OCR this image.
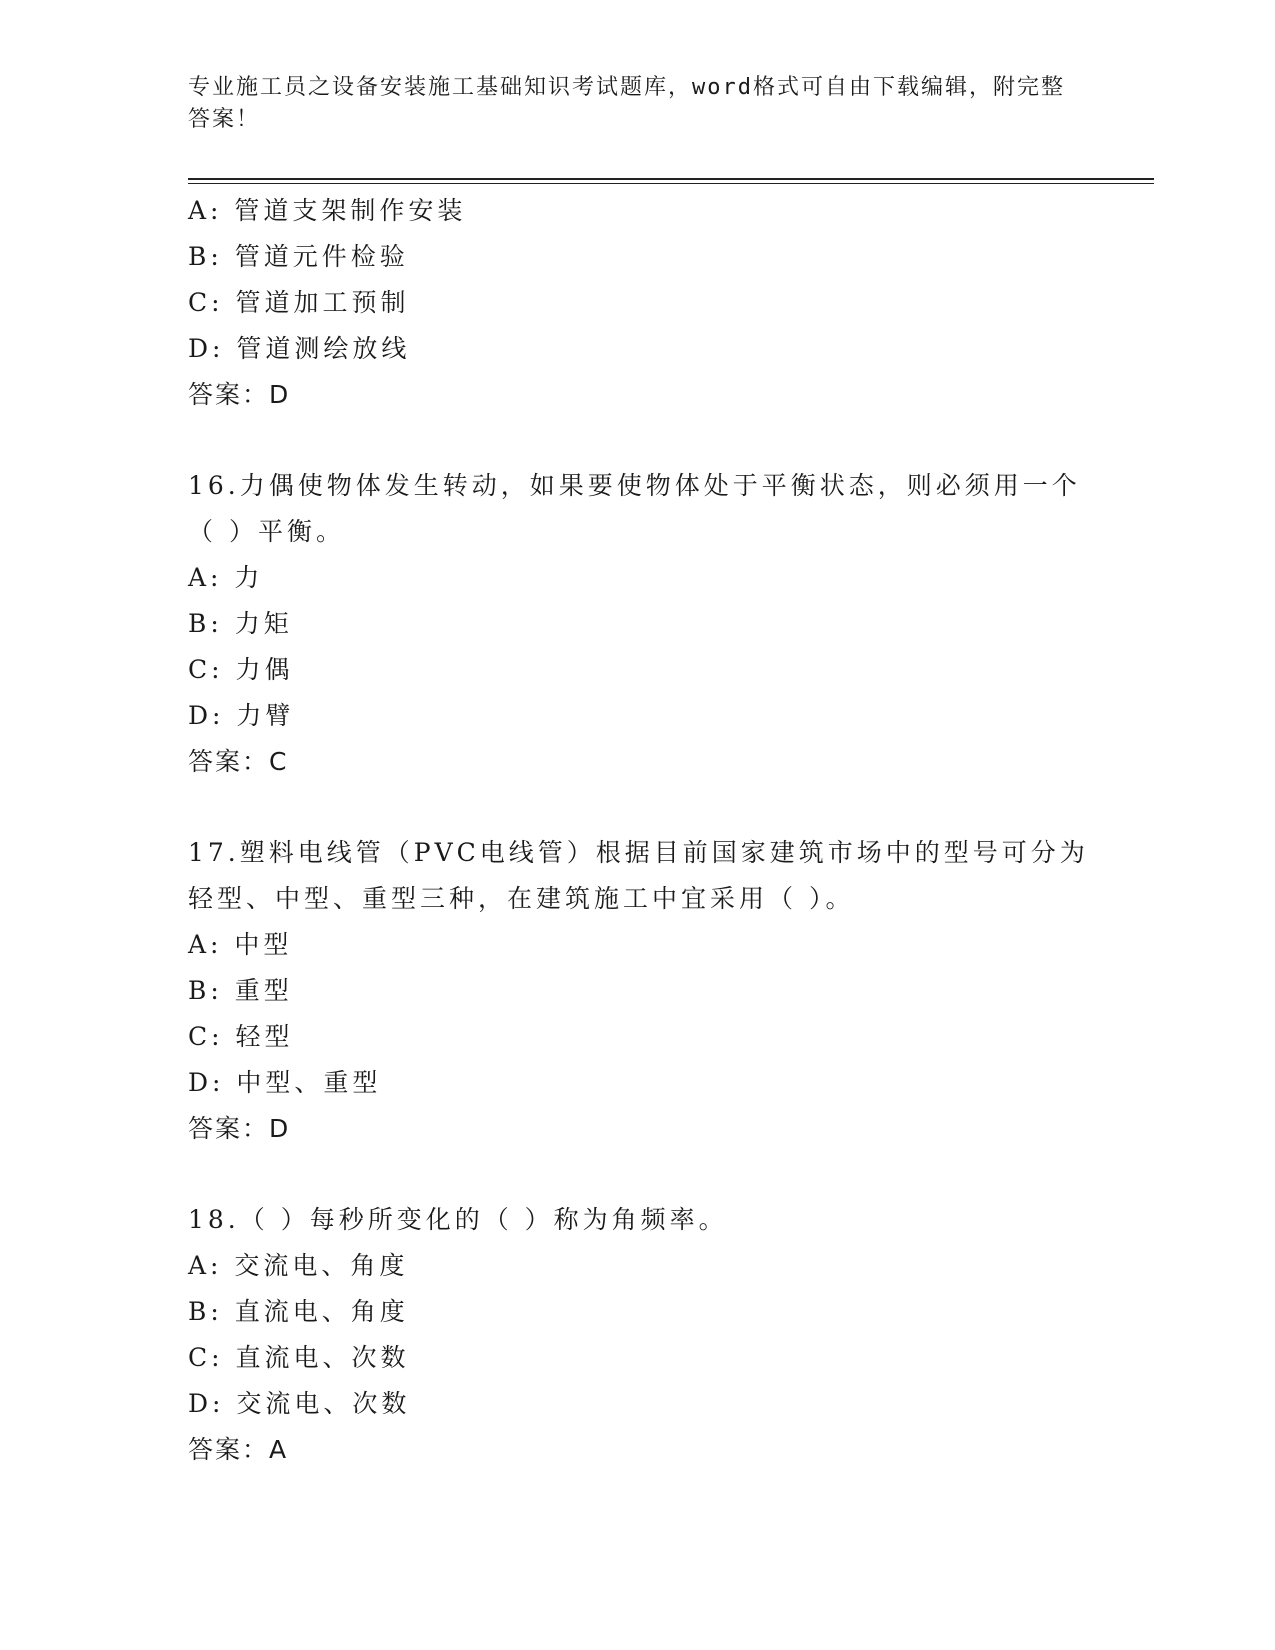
专业施工员之设备安装施工基础知识考试题库，word格式可自由下载编辑，附完整答案！
A: 管道支架制作安装
B: 管道元件检验
C: 管道加工预制
D: 管道测绘放线
答案：D
16.力偶使物体发生转动，如果要使物体处于平衡状态，则必须用一个
（ ）平衡。
A: 力
B: 力矩
C: 力偶
D: 力臂
答案：C
17.塑料电线管（PVC电线管）根据目前国家建筑市场中的型号可分为
轻型、中型、重型三种，在建筑施工中宜采用（ ）。
A: 中型
B: 重型
C: 轻型
D: 中型、重型
答案：D
18.（ ）每秒所变化的（ ）称为角频率。
A: 交流电、角度
B: 直流电、角度
C: 直流电、次数
D: 交流电、次数
答案：A
